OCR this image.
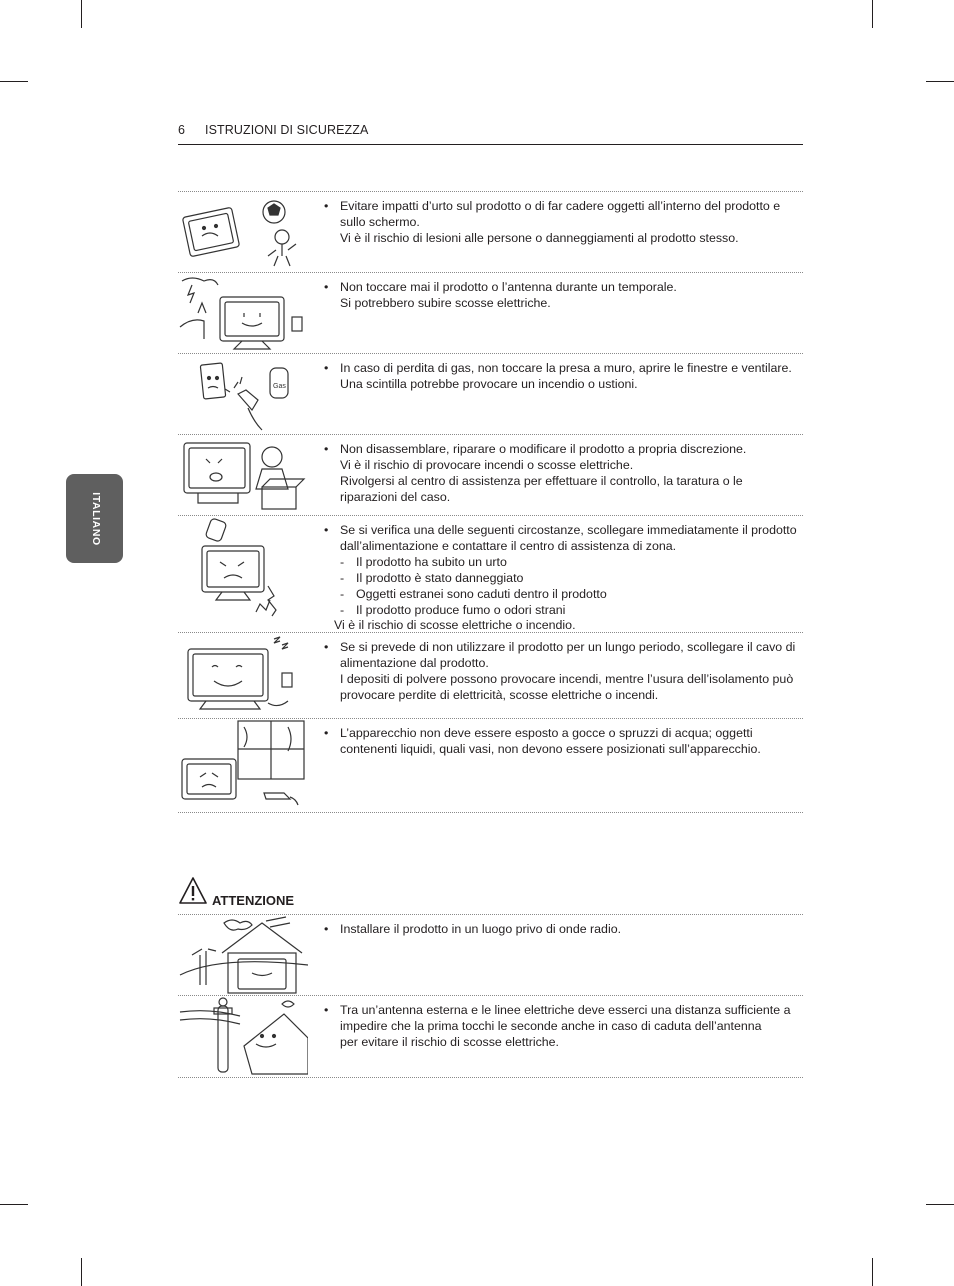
6 ISTRUZIONI DI SICUREZZA
ITALIANO
• Evitare impatti d’urto sul prodotto o di far cadere oggetti all’interno del prodotto e sullo schermo.
Vi è il rischio di lesioni alle persone o danneggiamenti al prodotto stesso.
• Non toccare mai il prodotto o l’antenna durante un temporale.
Si potrebbero subire scosse elettriche.
Gas
• In caso di perdita di gas, non toccare la presa a muro, aprire le finestre e ventilare.
Una scintilla potrebbe provocare un incendio o ustioni.
• Non disassemblare, riparare o modificare il prodotto a propria discrezione.
Vi è il rischio di provocare incendi o scosse elettriche.
Rivolgersi al centro di assistenza per effettuare il controllo, la taratura o le riparazioni del caso.
• Se si verifica una delle seguenti circostanze, scollegare immediatamente il prodotto dall’alimentazione e contattare il centro di assistenza di zona.
- Il prodotto ha subito un urto
- Il prodotto è stato danneggiato
- Oggetti estranei sono caduti dentro il prodotto
- Il prodotto produce fumo o odori strani
Vi è il rischio di scosse elettriche o incendio.
• Se si prevede di non utilizzare il prodotto per un lungo periodo, scollegare il cavo di alimentazione dal prodotto.
I depositi di polvere possono provocare incendi, mentre l’usura dell’isolamento può provocare perdite di elettricità, scosse elettriche o incendi.
• L’apparecchio non deve essere esposto a gocce o spruzzi di acqua; oggetti contenenti liquidi, quali vasi, non devono essere posizionati sull’apparecchio.
ATTENZIONE
• Installare il prodotto in un luogo privo di onde radio.
• Tra un’antenna esterna e le linee elettriche deve esserci una distanza sufficiente a impedire che la prima tocchi le seconde anche in caso di caduta dell’antenna
per evitare il rischio di scosse elettriche.
